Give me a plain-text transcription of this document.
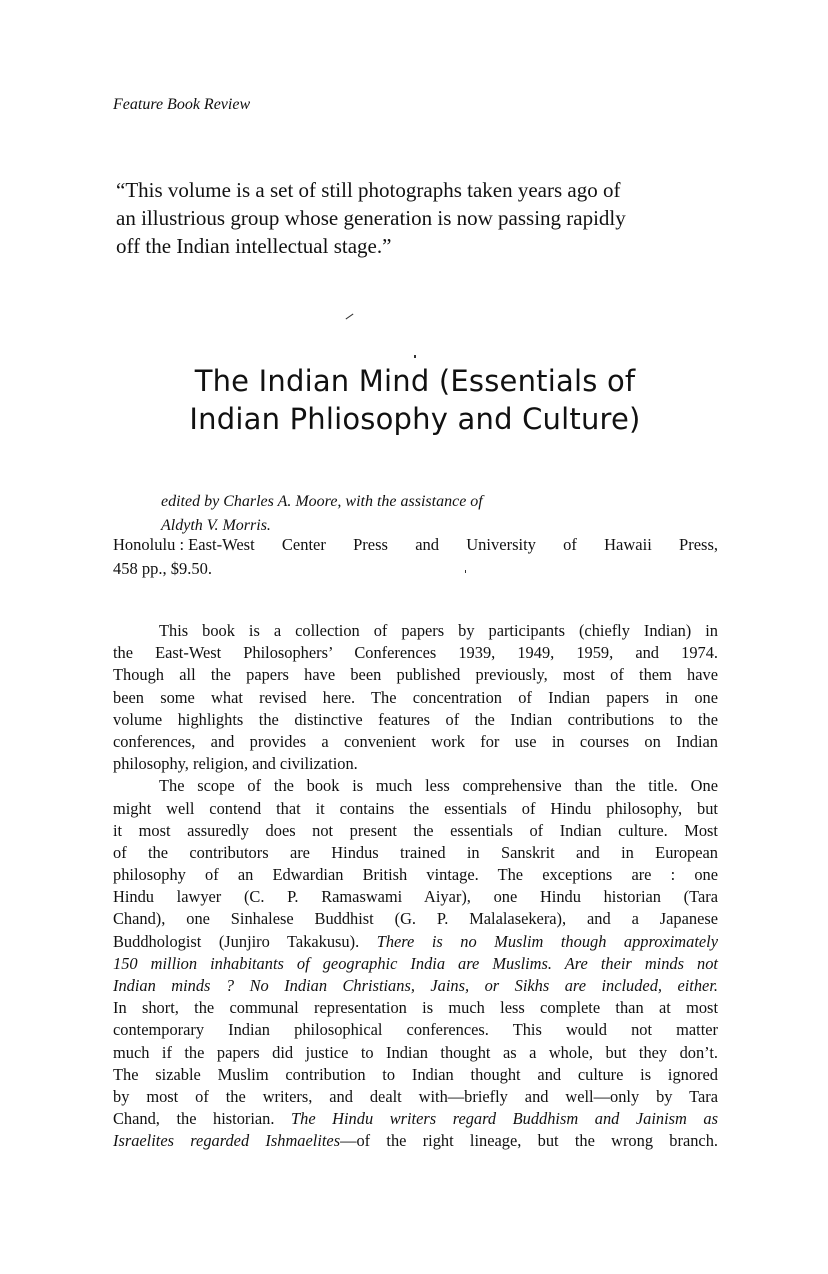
Feature Book Review
“This volume is a set of still photographs taken years ago of
an illustrious group whose generation is now passing rapidly
off the Indian intellectual stage.”
The Indian Mind (Essentials of
Indian Phliosophy and Culture)
edited by Charles A. Moore, with the assistance of
Aldyth V. Morris.
Honolulu : East-West Center Press and University of Hawaii Press,
458 pp., $9.50.
This book is a collection of papers by participants (chiefly Indian) in
the East-West Philosophers’ Conferences 1939, 1949, 1959, and 1974.
Though all the papers have been published previously, most of them have
been some what revised here. The concentration of Indian papers in one
volume highlights the distinctive features of the Indian contributions to the
conferences, and provides a convenient work for use in courses on Indian
philosophy, religion, and civilization.
The scope of the book is much less comprehensive than the title. One
might well contend that it contains the essentials of Hindu philosophy, but
it most assuredly does not present the essentials of Indian culture. Most
of the contributors are Hindus trained in Sanskrit and in European
philosophy of an Edwardian British vintage. The exceptions are : one
Hindu lawyer (C. P. Ramaswami Aiyar), one Hindu historian (Tara
Chand), one Sinhalese Buddhist (G. P. Malalasekera), and a Japanese
Buddhologist (Junjiro Takakusu). There is no Muslim though approximately
150 million inhabitants of geographic India are Muslims. Are their minds not
Indian minds ? No Indian Christians, Jains, or Sikhs are included, either.
In short, the communal representation is much less complete than at most
contemporary Indian philosophical conferences. This would not matter
much if the papers did justice to Indian thought as a whole, but they don’t.
The sizable Muslim contribution to Indian thought and culture is ignored
by most of the writers, and dealt with—briefly and well—only by Tara
Chand, the historian. The Hindu writers regard Buddhism and Jainism as
Israelites regarded Ishmaelites—of the right lineage, but the wrong branch.
